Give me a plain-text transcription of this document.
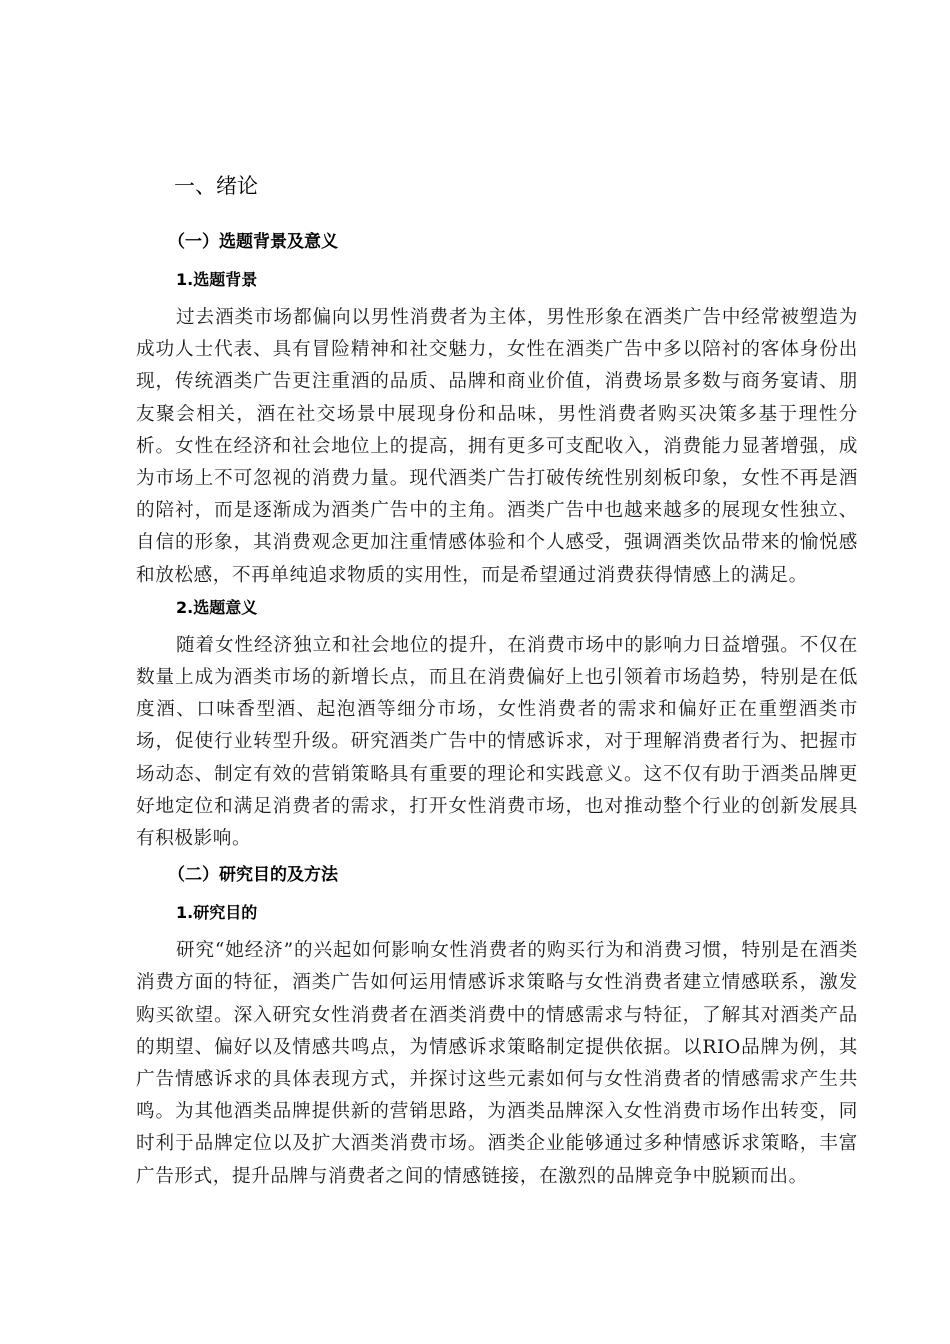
一、绪论
（一）选题背景及意义
1.选题背景

过去酒类市场都偏向以男性消费者为主体，男性形象在酒类广告中经常被塑造为成功人士代表、具有冒险精神和社交魅力，女性在酒类广告中多以陪衬的客体身份出现，传统酒类广告更注重酒的品质、品牌和商业价值，消费场景多数与商务宴请、朋友聚会相关，酒在社交场景中展现身份和品味，男性消费者购买决策多基于理性分析。女性在经济和社会地位上的提高，拥有更多可支配收入，消费能力显著增强，成为市场上不可忽视的消费力量。现代酒类广告打破传统性别刻板印象，女性不再是酒的陪衬，而是逐渐成为酒类广告中的主角。酒类广告中也越来越多的展现女性独立、自信的形象，其消费观念更加注重情感体验和个人感受，强调酒类饮品带来的愉悦感和放松感，不再单纯追求物质的实用性，而是希望通过消费获得情感上的满足。

2.选题意义

随着女性经济独立和社会地位的提升，在消费市场中的影响力日益增强。不仅在数量上成为酒类市场的新增长点，而且在消费偏好上也引领着市场趋势，特别是在低度酒、口味香型酒、起泡酒等细分市场，女性消费者的需求和偏好正在重塑酒类市场，促使行业转型升级。研究酒类广告中的情感诉求，对于理解消费者行为、把握市场动态、制定有效的营销策略具有重要的理论和实践意义。这不仅有助于酒类品牌更好地定位和满足消费者的需求，打开女性消费市场，也对推动整个行业的创新发展具有积极影响。

（二）研究目的及方法
1.研究目的

研究“她经济”的兴起如何影响女性消费者的购买行为和消费习惯，特别是在酒类消费方面的特征，酒类广告如何运用情感诉求策略与女性消费者建立情感联系，激发购买欲望。深入研究女性消费者在酒类消费中的情感需求与特征，了解其对酒类产品的期望、偏好以及情感共鸣点，为情感诉求策略制定提供依据。以RIO品牌为例，其广告情感诉求的具体表现方式，并探讨这些元素如何与女性消费者的情感需求产生共鸣。为其他酒类品牌提供新的营销思路，为酒类品牌深入女性消费市场作出转变，同时利于品牌定位以及扩大酒类消费市场。酒类企业能够通过多种情感诉求策略，丰富广告形式，提升品牌与消费者之间的情感链接，在激烈的品牌竞争中脱颖而出。
